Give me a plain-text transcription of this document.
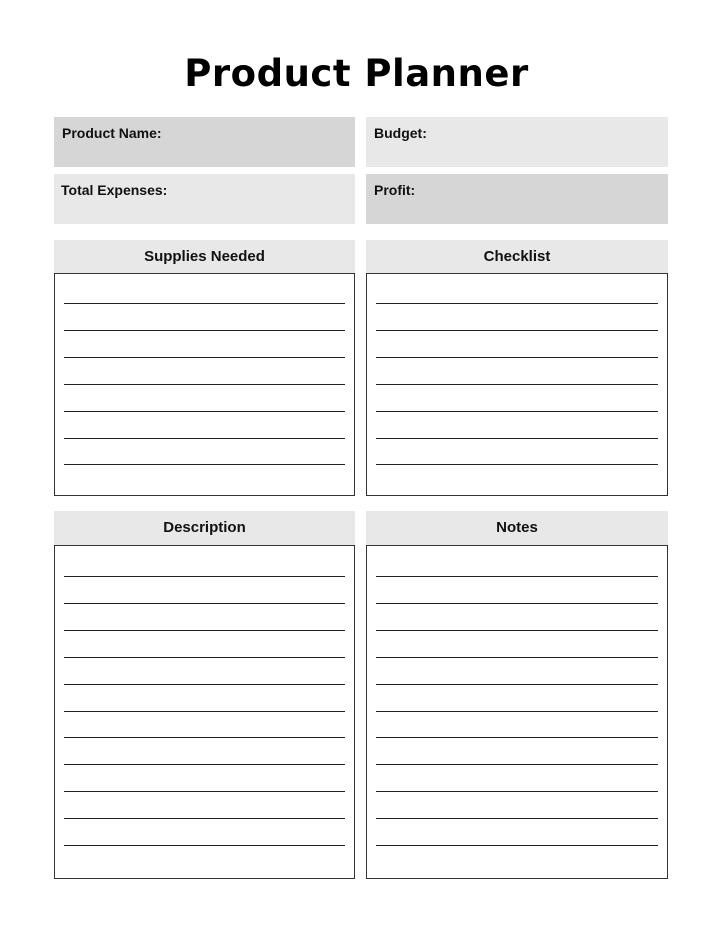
Product Planner
Product Name:	Budget:
Total Expenses:	Profit:
Supplies Needed	Checklist
Description	Notes
